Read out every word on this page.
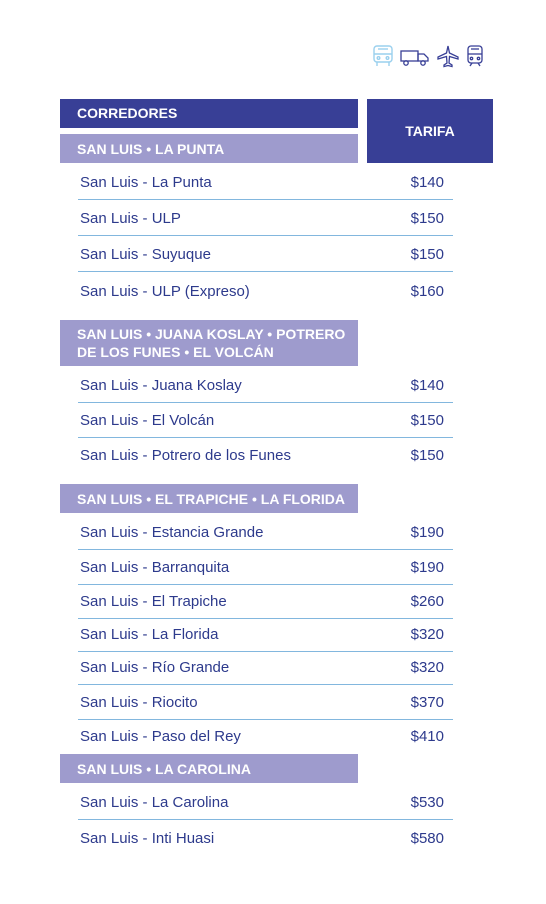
CORREDORES
TARIFA
SAN LUIS • LA PUNTA
San Luis - La Punta	$140
San Luis - ULP	$150
San Luis - Suyuque	$150
San Luis - ULP (Expreso)	$160
SAN LUIS • JUANA KOSLAY • POTRERO DE LOS FUNES • EL VOLCÁN
San Luis - Juana Koslay	$140
San Luis - El Volcán	$150
San Luis - Potrero de los Funes	$150
SAN LUIS • EL TRAPICHE • LA FLORIDA
San Luis - Estancia Grande	$190
San Luis - Barranquita	$190
San Luis - El Trapiche	$260
San Luis - La Florida	$320
San Luis - Río Grande	$320
San Luis - Riocito	$370
San Luis - Paso del Rey	$410
SAN LUIS • LA CAROLINA
San Luis - La Carolina	$530
San Luis - Inti Huasi	$580
